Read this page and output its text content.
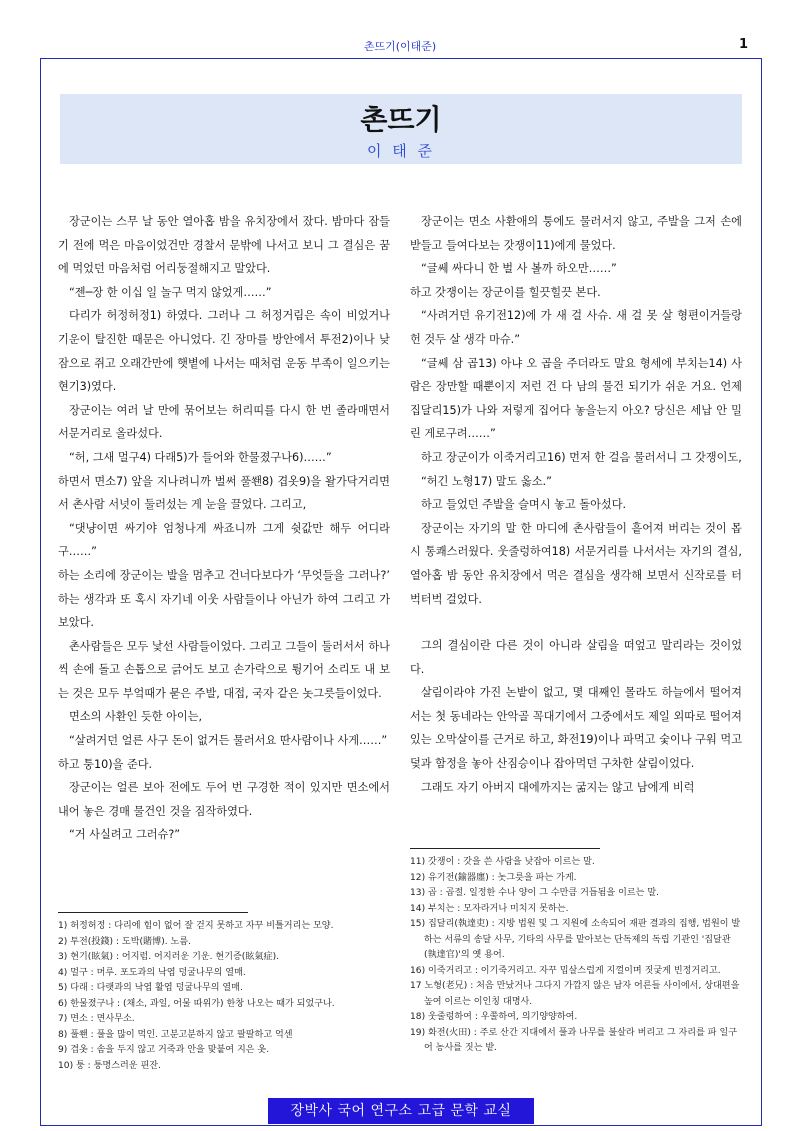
촌뜨기(이태준)	1
촌뜨기
이 태 준

장군이는 스무 날 동안 열아홉 밤을 유치장에서 잤다. 밤마다 잠들기 전에 먹은 마음이었건만 경찰서 문밖에 나서고 보니 그 결심은 꿈에 먹었던 마음처럼 어리둥절해지고 말았다.

“젠─장 한 이십 일 놀구 먹지 않었게……”

다리가 허정허정1) 하였다. 그러나 그 허정거림은 속이 비었거나 기운이 탈진한 때문은 아니었다. 긴 장마를 방안에서 투전2)이나 낮잠으로 쥐고 오래간만에 햇볕에 나서는 때처럼 운동 부족이 일으키는 현기3)였다.

장군이는 여러 날 만에 묶어보는 허리띠를 다시 한 번 졸라매면서 서문거리로 올라섰다.

“허, 그새 멀구4) 다래5)가 들어와 한물졌구나6)……”

하면서 면소7) 앞을 지나려니까 벌써 풀쐔8) 겹옷9)을 왈가닥거리면서 촌사람 서넛이 둘러섰는 게 눈을 끌었다. 그리고,

“댓냥이면 싸기야 엄청나게 싸죠니까 그게 쉿값만 해두 어디라구……”

하는 소리에 장군이는 발을 멈추고 건너다보다가 ‘무엇들을 그러나?’ 하는 생각과 또 혹시 자기네 이웃 사람들이나 아닌가 하여 그리고 가 보았다.

촌사람들은 모두 낯선 사람들이었다. 그리고 그들이 둘러서서 하나씩 손에 돌고 손톱으로 긁어도 보고 손가락으로 튕기어 소리도 내 보는 것은 모두 부엌때가 묻은 주발, 대접, 국자 같은 놋그릇들이었다.

면소의 사환인 듯한 아이는,

“살려거던 얼른 사구 돈이 없거든 물러서요 딴사람이나 사게……”

하고 퉁10)을 준다.

장군이는 얼른 보아 전에도 두어 번 구경한 적이 있지만 면소에서 내어 놓은 경매 물건인 것을 짐작하였다.

“거 사실려고 그러슈?”

장군이는 면소 사환애의 퉁에도 물러서지 않고, 주발을 그저 손에 받들고 들여다보는 갓쟁이11)에게 물었다.

“글쎄 싸다니 한 벌 사 볼까 하오만……”

하고 갓쟁이는 장군이를 힐끗힐끗 본다.

“사려거던 유기전12)에 가 새 걸 사슈. 새 걸 못 살 형편이거들랑 헌 것두 살 생각 마슈.”

“글쎄 삼 곱13) 아냐 오 곱을 주더라도 말요 형세에 부치는14) 사람은 장만할 때뿐이지 저런 건 다 남의 물건 되기가 쉬운 거요. 언제 집달리15)가 나와 저렇게 집어다 놓을는지 아오? 당신은 세납 안 밀린 게로구려……”

하고 장군이가 이죽거리고16) 먼저 한 걸음 물러서니 그 갓쟁이도,

“허긴 노형17) 말도 옳소.”

하고 들었던 주발을 슬며시 놓고 돌아섰다.

장군이는 자기의 말 한 마디에 촌사람들이 흩어져 버리는 것이 몹시 통쾌스러웠다. 웃줄렁하여18) 서문거리를 나서서는 자기의 결심, 열아홉 밤 동안 유치장에서 먹은 결심을 생각해 보면서 신작로를 터벅터벅 걸었다.

그의 결심이란 다른 것이 아니라 살림을 떠엎고 말리라는 것이었다.

살림이라야 가진 논밭이 없고, 몇 대째인 몰라도 하늘에서 떨어져서는 첫 동네라는 안악골 꼭대기에서 그중에서도 제일 외따로 떨어져 있는 오막살이를 근거로 하고, 화전19)이나 파먹고 숯이나 구워 먹고 덫과 함정을 놓아 산짐승이나 잡아먹던 구차한 살림이었다.

그래도 자기 아버지 대에까지는 굶지는 않고 남에게 비럭

1) 허정허정 : 다리에 힘이 없어 잘 걷지 못하고 자꾸 비틀거리는 모양.
2) 투전(投錢) : 도박(賭博). 노름.
3) 현기(眩氣) : 어지럼. 어지러운 기운. 현기증(眩氣症).
4) 멀구 : 머루. 포도과의 낙엽 덩굴나무의 열매.
5) 다래 : 다랫과의 낙엽 활엽 덩굴나무의 열매.
6) 한물졌구나 : (채소, 과일, 어물 따위가) 한창 나오는 때가 되었구나.
7) 면소 : 면사무소.
8) 풀쐔 : 풀을 많이 먹인. 고분고분하지 않고 팔팔하고 억센
9) 겹옷 : 솜을 두지 않고 거죽과 안을 맞붙여 지은 옷.
10) 퉁 : 퉁명스러운 핀잔.
11) 갓쟁이 : 갓을 쓴 사람을 낮잡아 이르는 말.
12) 유기전(鍮器廛) : 놋그릇을 파는 가게.
13) 곱 : 곱절. 일정한 수나 양이 그 수만큼 거듭됨을 이르는 말.
14) 부치는 : 모자라거나 미치지 못하는.
15) 집달리(執達吏) : 지방 법원 및 그 지원에 소속되어 재판 결과의 집행, 법원이 발하는 서류의 송달 사무, 기타의 사무를 맡아보는 단독제의 독립 기관인 '집달관(執達官)'의 옛 용어.
16) 이죽거리고 : 이기죽거리고. 자꾸 밉살스럽게 지껄이며 짓궂게 빈정거리고.
17 노형(老兄) : 처음 만났거나 그다지 가깝지 않은 남자 어른들 사이에서, 상대편을 높여 이르는 이인칭 대명사.
18) 웃줄렁하여 : 우쭐하여, 의기양양하여.
19) 화전(火田) : 주로 산간 지대에서 풀과 나무를 불살라 버리고 그 자리를 파 일구어 농사를 짓는 밭.
장박사 국어 연구소 고급 문학 교실
